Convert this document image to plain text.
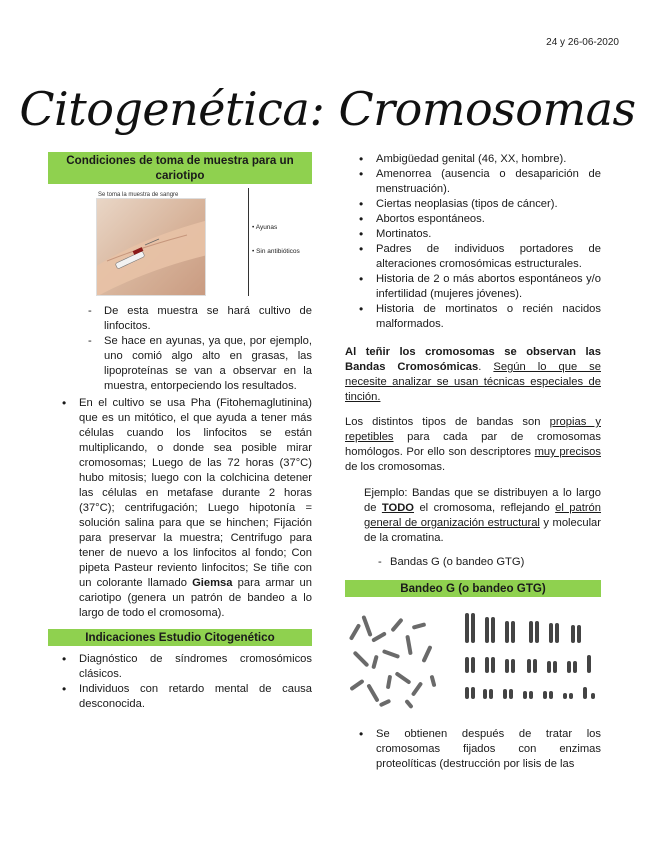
24 y 26-06-2020
Citogenética: Cromosomas
Condiciones de toma de muestra para un cariotipo
Se toma la muestra de sangre
• Ayunas
• Sin antibióticos
- De esta muestra se hará cultivo de linfocitos.
- Se hace en ayunas, ya que, por ejemplo, uno comió algo alto en grasas, las lipoproteínas se van a observar en la muestra, entorpeciendo los resultados.
• En el cultivo se usa Pha (Fitohemaglutinina) que es un mitótico, el que ayuda a tener más células cuando los linfocitos se están multiplicando, o donde sea posible mirar cromosomas; Luego de las 72 horas (37°C) hubo mitosis; luego con la colchicina detener las células en metafase durante 2 horas (37°C); centrifugación; Luego hipotonía = solución salina para que se hinchen; Fijación para preservar la muestra; Centrifugo para tener de nuevo a los linfocitos al fondo; Con pipeta Pasteur reviento linfocitos; Se tiñe con un colorante llamado Giemsa para armar un cariotipo (genera un patrón de bandeo a lo largo de todo el cromosoma).
Indicaciones Estudio Citogenético
• Diagnóstico de síndromes cromosómicos clásicos.
• Individuos con retardo mental de causa desconocida.
• Ambigüedad genital (46, XX, hombre).
• Amenorrea (ausencia o desaparición de menstruación).
• Ciertas neoplasias (tipos de cáncer).
• Abortos espontáneos.
• Mortinatos.
• Padres de individuos portadores de alteraciones cromosómicas estructurales.
• Historia de 2 o más abortos espontáneos y/o infertilidad (mujeres jóvenes).
• Historia de mortinatos o recién nacidos malformados.

Al teñir los cromosomas se observan las Bandas Cromosómicas. Según lo que se necesite analizar se usan técnicas especiales de tinción.

Los distintos tipos de bandas son propias y repetibles para cada par de cromosomas homólogos. Por ello son descriptores muy precisos de los cromosomas.

Ejemplo: Bandas que se distribuyen a lo largo de TODO el cromosoma, reflejando el patrón general de organización estructural y molecular de la cromatina.

- Bandas G (o bandeo GTG)
Bandeo G (o bandeo GTG)
• Se obtienen después de tratar los cromosomas fijados con enzimas proteolíticas (destrucción por lisis de las
